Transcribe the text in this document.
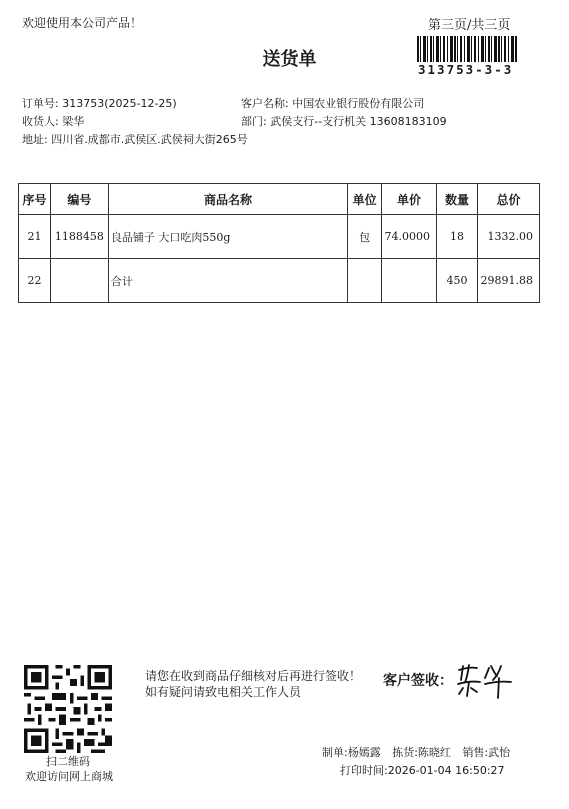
欢迎使用本公司产品！	第三页/共三页
313753-3-3
送货单
订单号: 313753(2025-12-25)
收货人: 梁华
地址: 四川省.成都市.武侯区.武侯祠大街265号
客户名称: 中国农业银行股份有限公司
部门: 武侯支行--支行机关 13608183109
序号	编号	商品名称	单位	单价	数量	总价
21	1188458	良品铺子 大口吃肉550g	包	74.0000	18	1332.00
22		合计			450	29891.88
扫二维码
欢迎访问网上商城
请您在收到商品仔细核对后再进行签收！如有疑问请致电相关工作人员
客户签收：
制单:杨嫣露 拣货:陈晓红 销售:武怡
打印时间:2026-01-04 16:50:27
